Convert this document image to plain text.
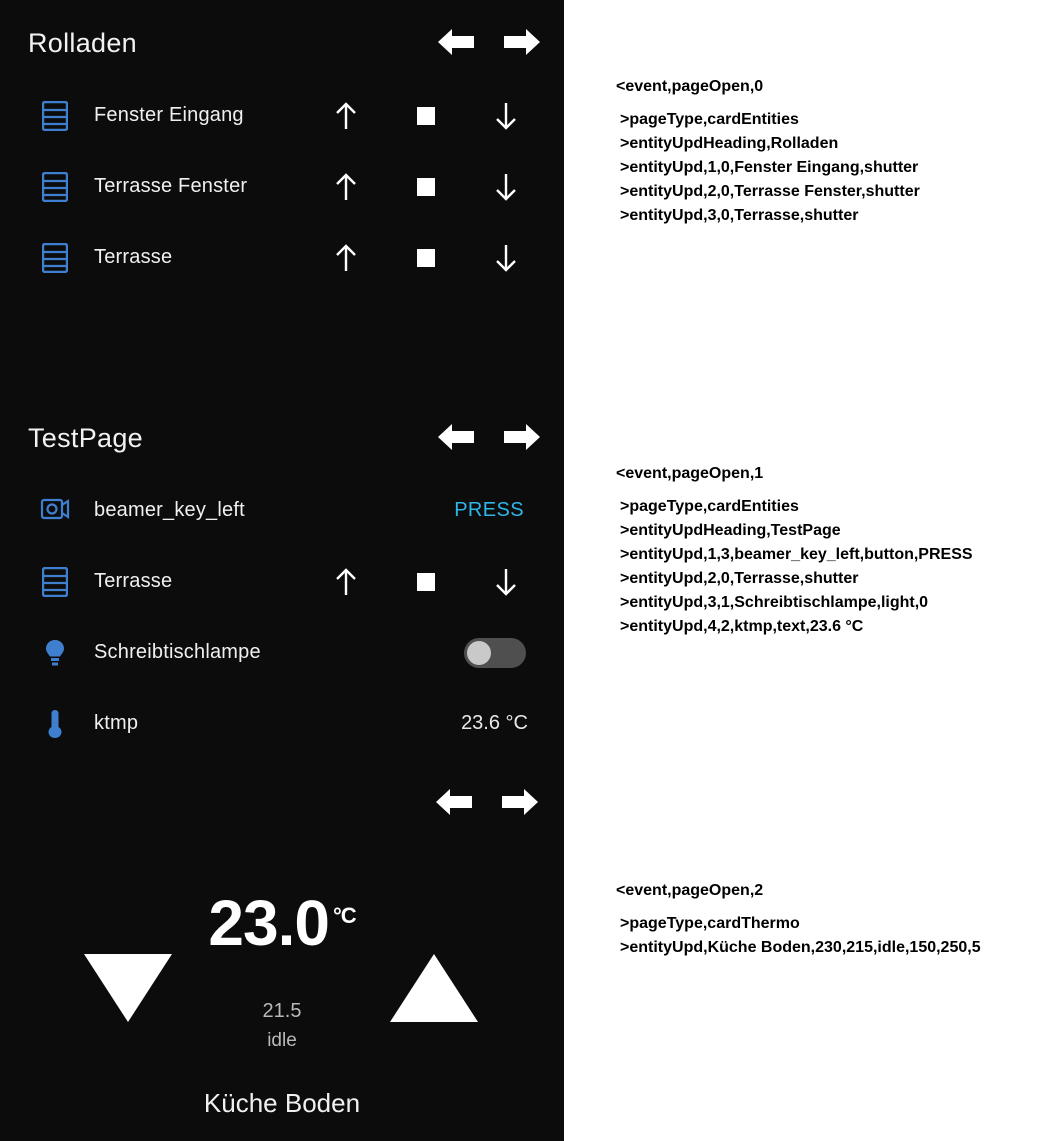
Rolladen
Fenster Eingang
Terrasse Fenster
Terrasse
TestPage
beamer_key_left	PRESS
Terrasse
Schreibtischlampe
ktmp	23.6 °C
23.0 $^{^\circ C}$
21.5
idle
Küche Boden
<event,pageOpen,0
>pageType,cardEntities
>entityUpdHeading,Rolladen
>entityUpd,1,0,Fenster Eingang,shutter
>entityUpd,2,0,Terrasse Fenster,shutter
>entityUpd,3,0,Terrasse,shutter
<event,pageOpen,1
>pageType,cardEntities
>entityUpdHeading,TestPage
>entityUpd,1,3,beamer_key_left,button,PRESS
>entityUpd,2,0,Terrasse,shutter
>entityUpd,3,1,Schreibtischlampe,light,0
>entityUpd,4,2,ktmp,text,23.6 °C
<event,pageOpen,2
>pageType,cardThermo
>entityUpd,Küche Boden,230,215,idle,150,250,5
